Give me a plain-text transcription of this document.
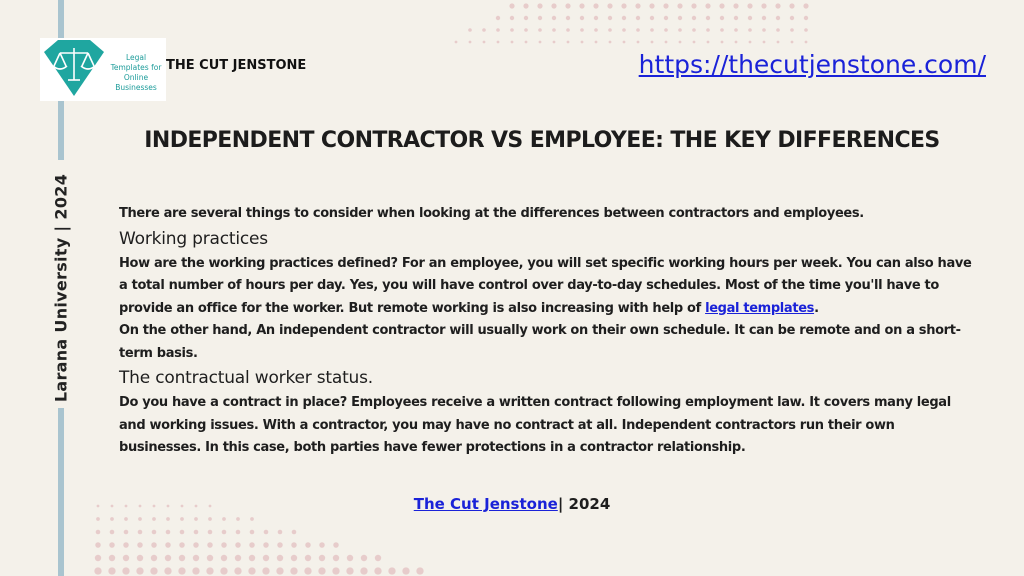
Larana University | 2024
Legal
Templates for
Online
Businesses
THE CUT JENSTONE	https://thecutjenstone.com/
INDEPENDENT CONTRACTOR VS EMPLOYEE: THE KEY DIFFERENCES

There are several things to consider when looking at the differences between contractors and employees.

Working practices

How are the working practices defined? For an employee, you will set specific working hours per week. You can also have a total number of hours per day. Yes, you will have control over day-to-day schedules. Most of the time you'll have to provide an office for the worker. But remote working is also increasing with help of legal templates.

On the other hand, An independent contractor will usually work on their own schedule. It can be remote and on a short-term basis.

The contractual worker status.

Do you have a contract in place? Employees receive a written contract following employment law. It covers many legal and working issues. With a contractor, you may have no contract at all. Independent contractors run their own businesses. In this case, both parties have fewer protections in a contractor relationship.

The Cut Jenstone| 2024
